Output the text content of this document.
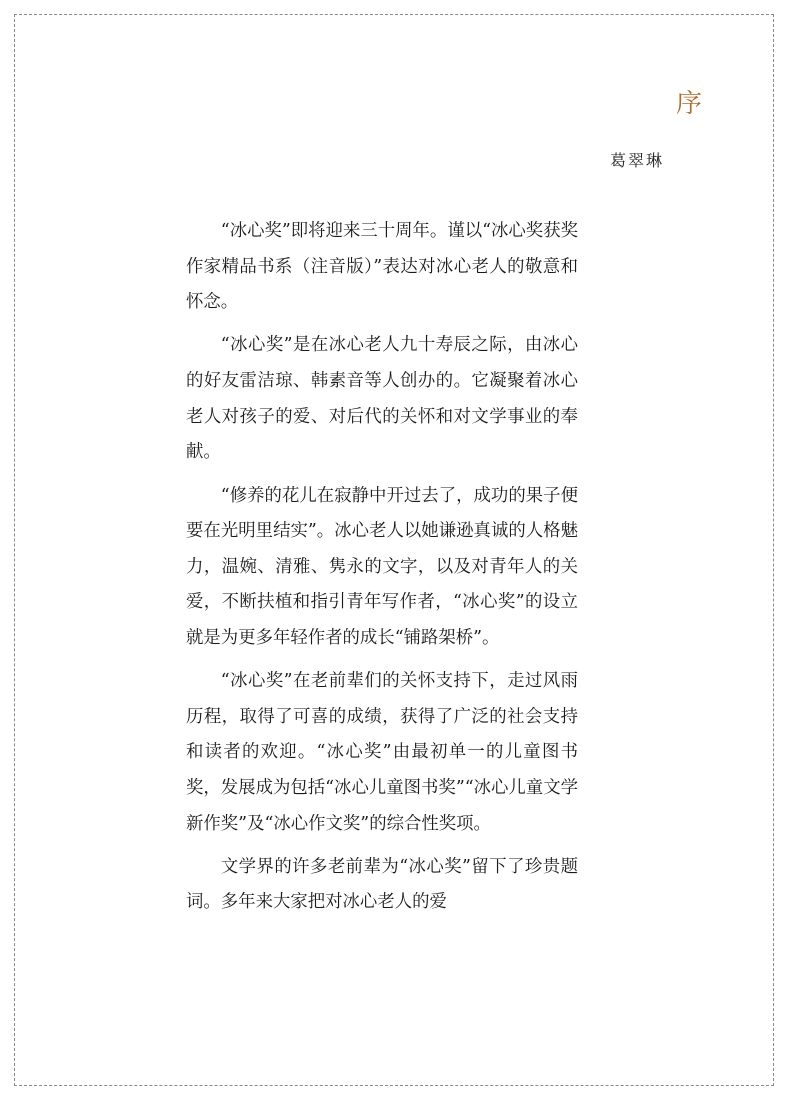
序
葛翠琳

“冰心奖”即将迎来三十周年。谨以“冰心奖获奖作家精品书系（注音版）”表达对冰心老人的敬意和怀念。

“冰心奖”是在冰心老人九十寿辰之际，由冰心的好友雷洁琼、韩素音等人创办的。它凝聚着冰心老人对孩子的爱、对后代的关怀和对文学事业的奉献。

“修养的花儿在寂静中开过去了，成功的果子便要在光明里结实”。冰心老人以她谦逊真诚的人格魅力，温婉、清雅、隽永的文字，以及对青年人的关爱，不断扶植和指引青年写作者，“冰心奖”的设立就是为更多年轻作者的成长“铺路架桥”。

“冰心奖”在老前辈们的关怀支持下，走过风雨历程，取得了可喜的成绩，获得了广泛的社会支持和读者的欢迎。“冰心奖”由最初单一的儿童图书奖，发展成为包括“冰心儿童图书奖”“冰心儿童文学新作奖”及“冰心作文奖”的综合性奖项。

文学界的许多老前辈为“冰心奖”留下了珍贵题词。多年来大家把对冰心老人的爱
